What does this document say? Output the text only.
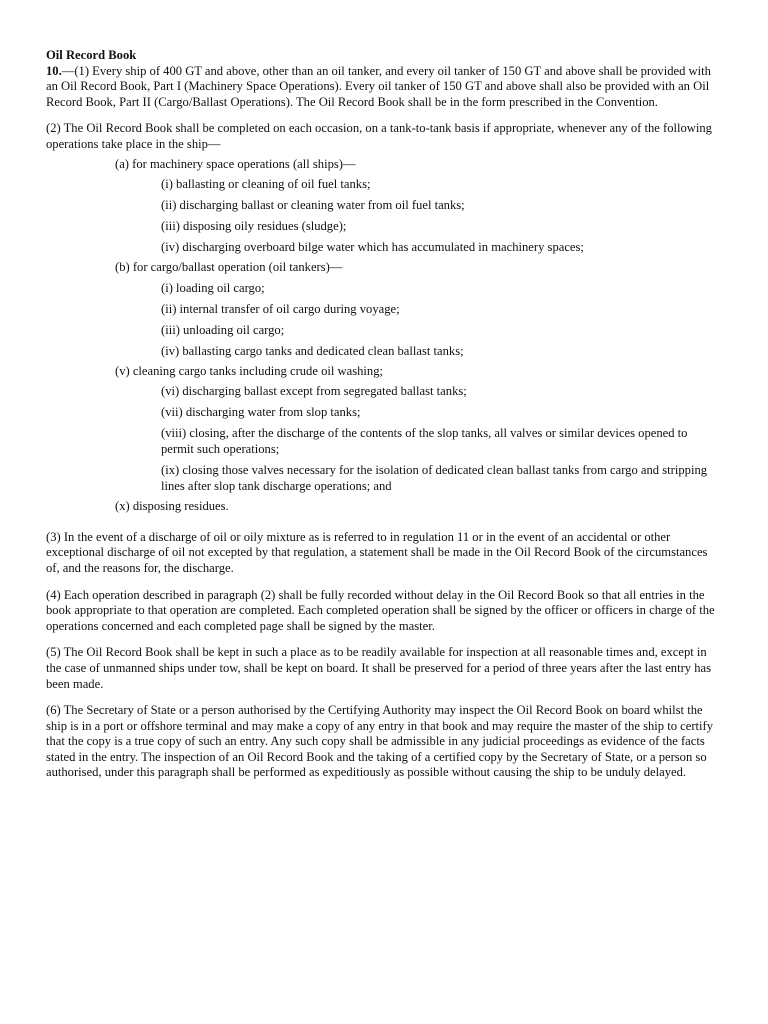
Oil Record Book

10.—(1) Every ship of 400 GT and above, other than an oil tanker, and every oil tanker of 150 GT and above shall be provided with an Oil Record Book, Part I (Machinery Space Operations). Every oil tanker of 150 GT and above shall also be provided with an Oil Record Book, Part II (Cargo/Ballast Operations). The Oil Record Book shall be in the form prescribed in the Convention.

(2) The Oil Record Book shall be completed on each occasion, on a tank-to-tank basis if appropriate, whenever any of the following operations take place in the ship—

(a) for machinery space operations (all ships)—

(i) ballasting or cleaning of oil fuel tanks;

(ii) discharging ballast or cleaning water from oil fuel tanks;

(iii) disposing oily residues (sludge);

(iv) discharging overboard bilge water which has accumulated in machinery spaces;

(b) for cargo/ballast operation (oil tankers)—

(i) loading oil cargo;

(ii) internal transfer of oil cargo during voyage;

(iii) unloading oil cargo;

(iv) ballasting cargo tanks and dedicated clean ballast tanks;

(v) cleaning cargo tanks including crude oil washing;

(vi) discharging ballast except from segregated ballast tanks;

(vii) discharging water from slop tanks;

(viii) closing, after the discharge of the contents of the slop tanks, all valves or similar devices opened to permit such operations;

(ix) closing those valves necessary for the isolation of dedicated clean ballast tanks from cargo and stripping lines after slop tank discharge operations; and

(x) disposing residues.

(3) In the event of a discharge of oil or oily mixture as is referred to in regulation 11 or in the event of an accidental or other exceptional discharge of oil not excepted by that regulation, a statement shall be made in the Oil Record Book of the circumstances of, and the reasons for, the discharge.

(4) Each operation described in paragraph (2) shall be fully recorded without delay in the Oil Record Book so that all entries in the book appropriate to that operation are completed. Each completed operation shall be signed by the officer or officers in charge of the operations concerned and each completed page shall be signed by the master.

(5) The Oil Record Book shall be kept in such a place as to be readily available for inspection at all reasonable times and, except in the case of unmanned ships under tow, shall be kept on board. It shall be preserved for a period of three years after the last entry has been made.

(6) The Secretary of State or a person authorised by the Certifying Authority may inspect the Oil Record Book on board whilst the ship is in a port or offshore terminal and may make a copy of any entry in that book and may require the master of the ship to certify that the copy is a true copy of such an entry. Any such copy shall be admissible in any judicial proceedings as evidence of the facts stated in the entry. The inspection of an Oil Record Book and the taking of a certified copy by the Secretary of State, or a person so authorised, under this paragraph shall be performed as expeditiously as possible without causing the ship to be unduly delayed.
